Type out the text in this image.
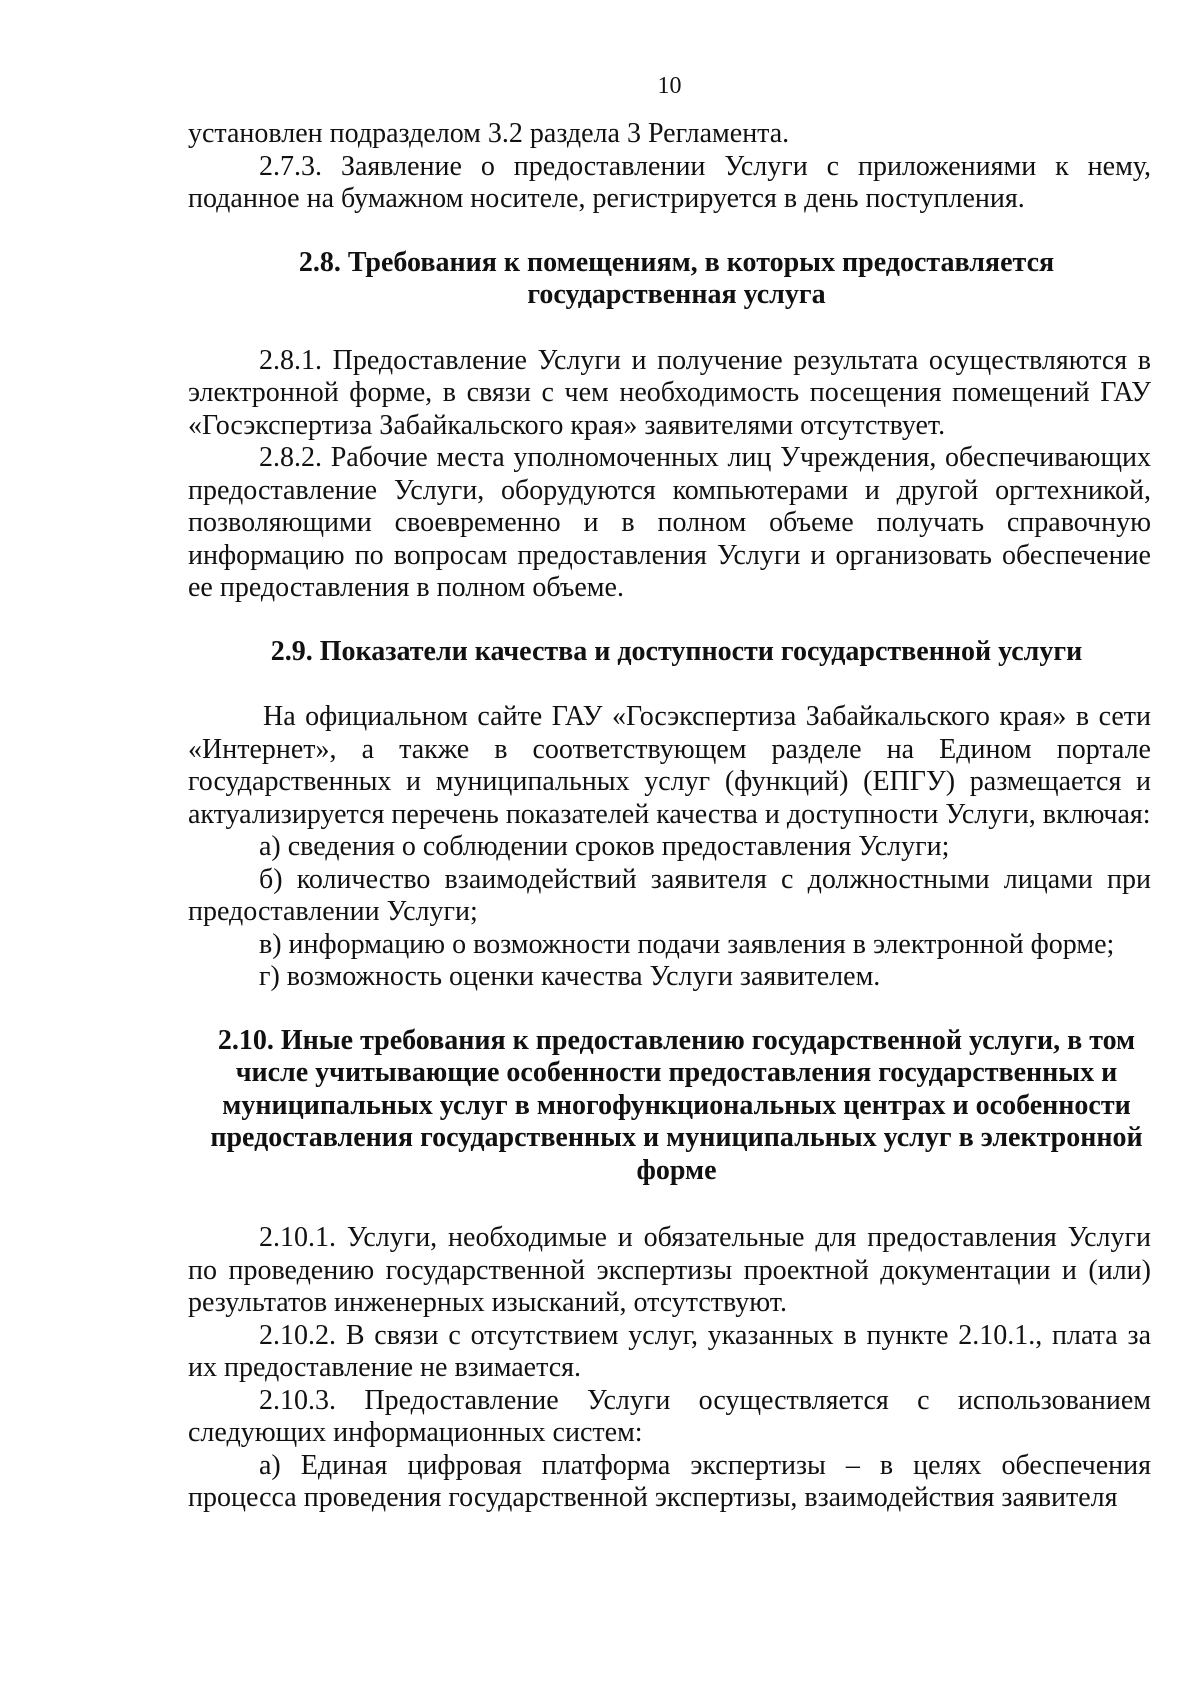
10

установлен подразделом 3.2 раздела 3 Регламента.

2.7.3. Заявление о предоставлении Услуги с приложениями к нему, поданное на бумажном носителе, регистрируется в день поступления.

2.8. Требования к помещениям, в которых предоставляется государственная услуга

2.8.1. Предоставление Услуги и получение результата осуществляются в электронной форме, в связи с чем необходимость посещения помещений ГАУ «Госэкспертиза Забайкальского края» заявителями отсутствует.

2.8.2. Рабочие места уполномоченных лиц Учреждения, обеспечивающих предоставление Услуги, оборудуются компьютерами и другой оргтехникой, позволяющими своевременно и в полном объеме получать справочную информацию по вопросам предоставления Услуги и организовать обеспечение ее предоставления в полном объеме.

2.9. Показатели качества и доступности государственной услуги

На официальном сайте ГАУ «Госэкспертиза Забайкальского края» в сети «Интернет», а также в соответствующем разделе на Едином портале государственных и муниципальных услуг (функций) (ЕПГУ) размещается и актуализируется перечень показателей качества и доступности Услуги, включая:

а) сведения о соблюдении сроков предоставления Услуги;

б) количество взаимодействий заявителя с должностными лицами при предоставлении Услуги;

в) информацию о возможности подачи заявления в электронной форме;

г) возможность оценки качества Услуги заявителем.

2.10. Иные требования к предоставлению государственной услуги, в том числе учитывающие особенности предоставления государственных и муниципальных услуг в многофункциональных центрах и особенности предоставления государственных и муниципальных услуг в электронной форме

2.10.1. Услуги, необходимые и обязательные для предоставления Услуги по проведению государственной экспертизы проектной документации и (или) результатов инженерных изысканий, отсутствуют.

2.10.2. В связи с отсутствием услуг, указанных в пункте 2.10.1., плата за их предоставление не взимается.

2.10.3. Предоставление Услуги осуществляется с использованием следующих информационных систем:

а) Единая цифровая платформа экспертизы – в целях обеспечения процесса проведения государственной экспертизы, взаимодействия заявителя
